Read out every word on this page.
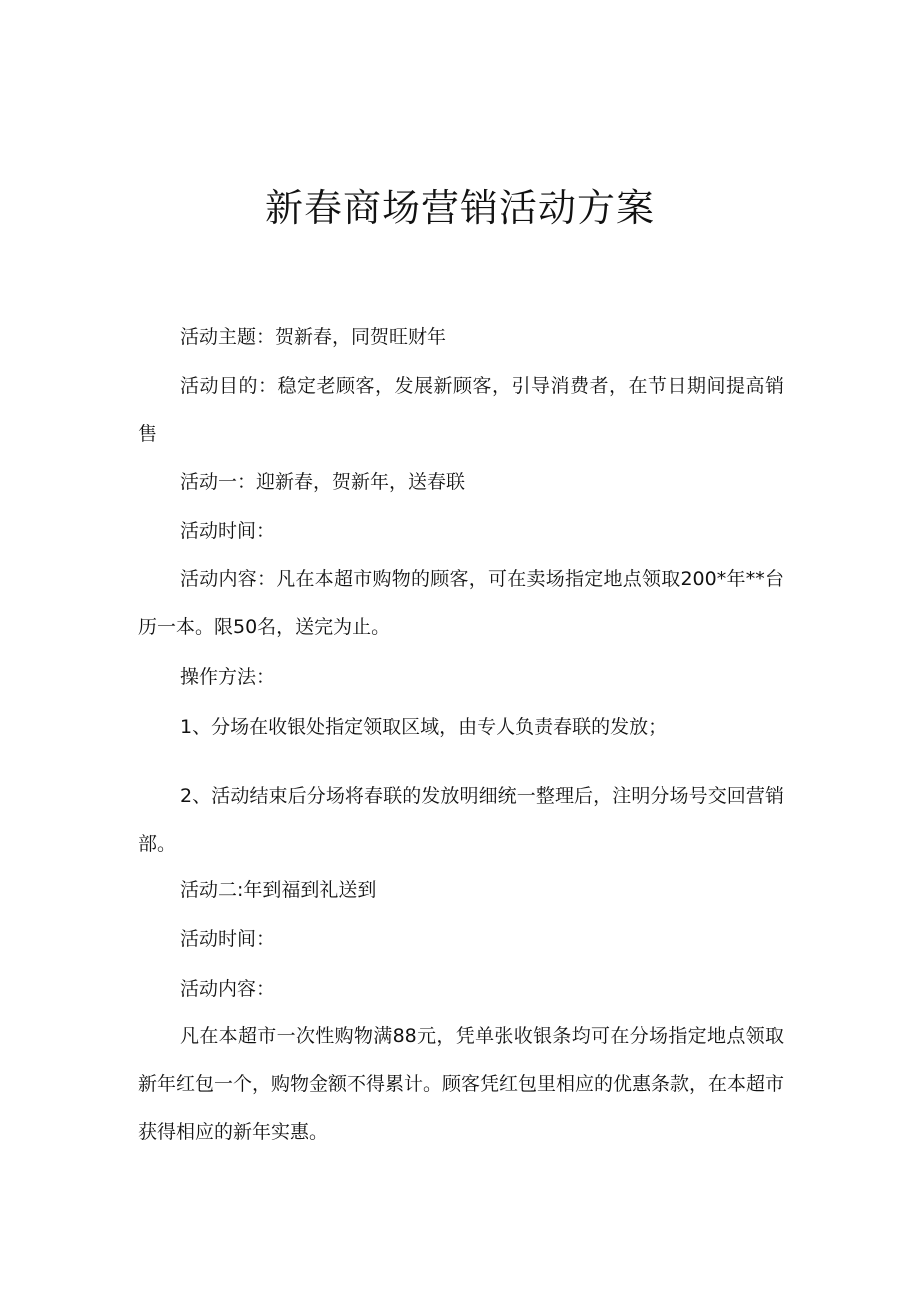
新春商场营销活动方案

活动主题：贺新春，同贺旺财年

活动目的：稳定老顾客，发展新顾客，引导消费者，在节日期间提高销售

活动一：迎新春，贺新年，送春联

活动时间：

活动内容：凡在本超市购物的顾客，可在卖场指定地点领取200*年**台历一本。限50名，送完为止。

操作方法：

1、分场在收银处指定领取区域，由专人负责春联的发放；

2、活动结束后分场将春联的发放明细统一整理后，注明分场号交回营销部。

活动二:年到福到礼送到

活动时间：

活动内容：

凡在本超市一次性购物满88元，凭单张收银条均可在分场指定地点领取新年红包一个，购物金额不得累计。顾客凭红包里相应的优惠条款，在本超市获得相应的新年实惠。
